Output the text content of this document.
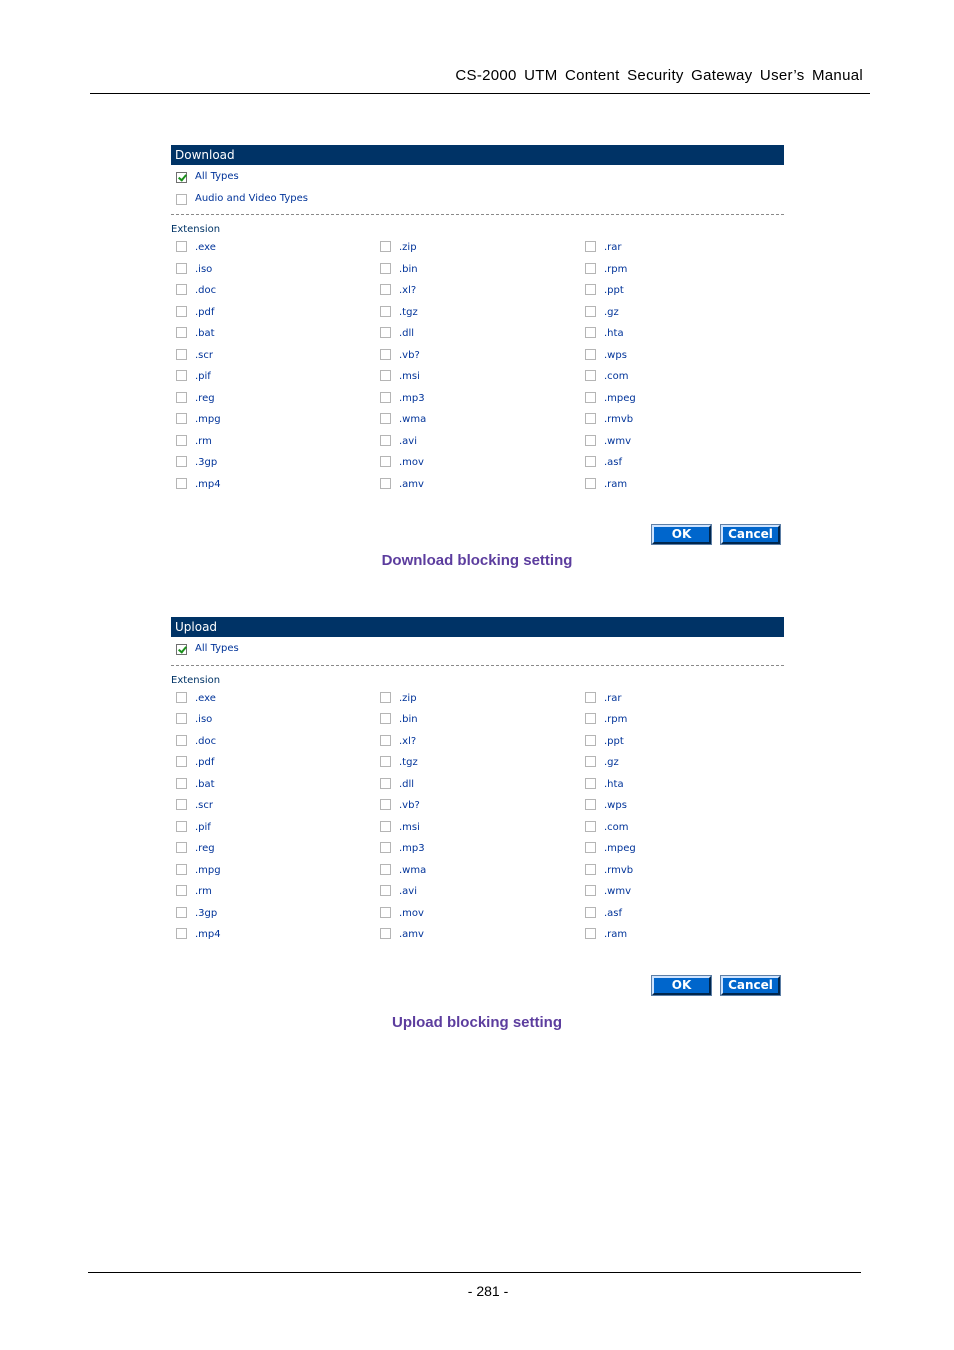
CS-2000 UTM Content Security Gateway User’s Manual
Download
All Types
Audio and Video Types
Extension
.exe	.zip	.rar
.iso	.bin	.rpm
.doc	.xl?	.ppt
.pdf	.tgz	.gz
.bat	.dll	.hta
.scr	.vb?	.wps
.pif	.msi	.com
.reg	.mp3	.mpeg
.mpg	.wma	.rmvb
.rm	.avi	.wmv
.3gp	.mov	.asf
.mp4	.amv	.ram
OK	Cancel
Download blocking setting
Upload
All Types
Extension
.exe	.zip	.rar
.iso	.bin	.rpm
.doc	.xl?	.ppt
.pdf	.tgz	.gz
.bat	.dll	.hta
.scr	.vb?	.wps
.pif	.msi	.com
.reg	.mp3	.mpeg
.mpg	.wma	.rmvb
.rm	.avi	.wmv
.3gp	.mov	.asf
.mp4	.amv	.ram
OK	Cancel
Upload blocking setting
- 281 -
